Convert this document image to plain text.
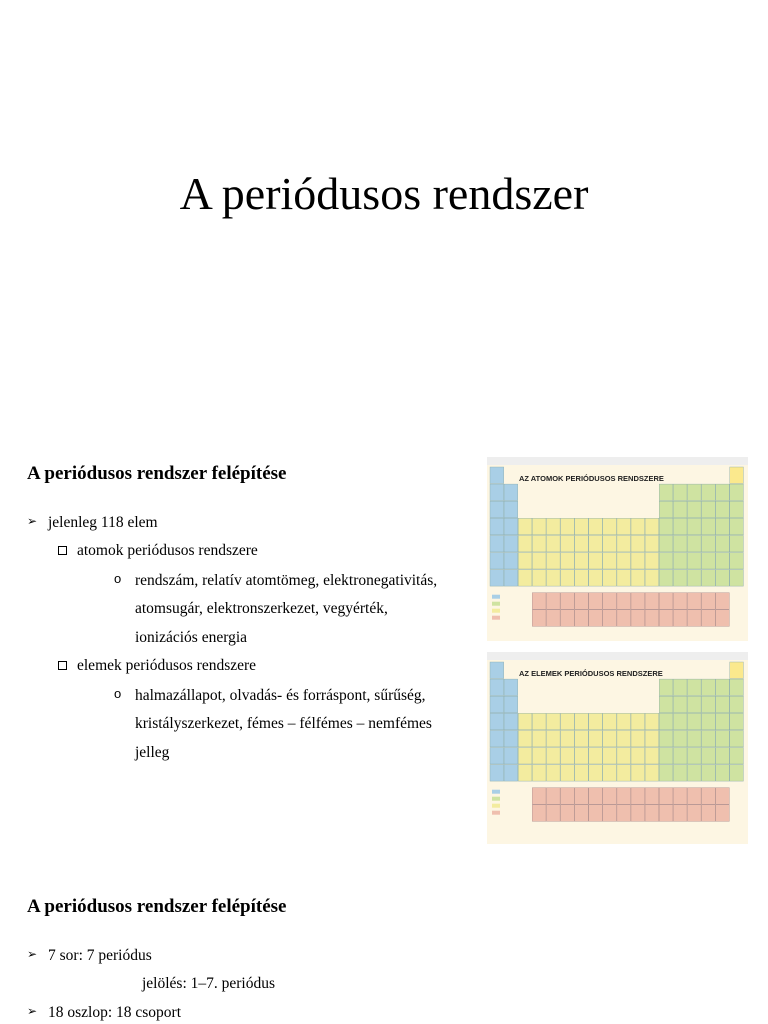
A periódusos rendszer
A periódusos rendszer felépítése
➢ jelenleg 118 elem
atomok periódusos rendszere
o rendszám, relatív atomtömeg, elektronegativitás,
atomsugár, elektronszerkezet, vegyérték,
ionizációs energia
elemek periódusos rendszere
o halmazállapot, olvadás- és forráspont, sűrűség,
kristályszerkezet, fémes – félfémes – nemfémes
jelleg
AZ ATOMOK PERIÓDUSOS RENDSZERE
AZ ELEMEK PERIÓDUSOS RENDSZERE
A periódusos rendszer felépítése
➢ 7 sor: 7 periódus
jelölés: 1–7. periódus
➢ 18 oszlop: 18 csoport
